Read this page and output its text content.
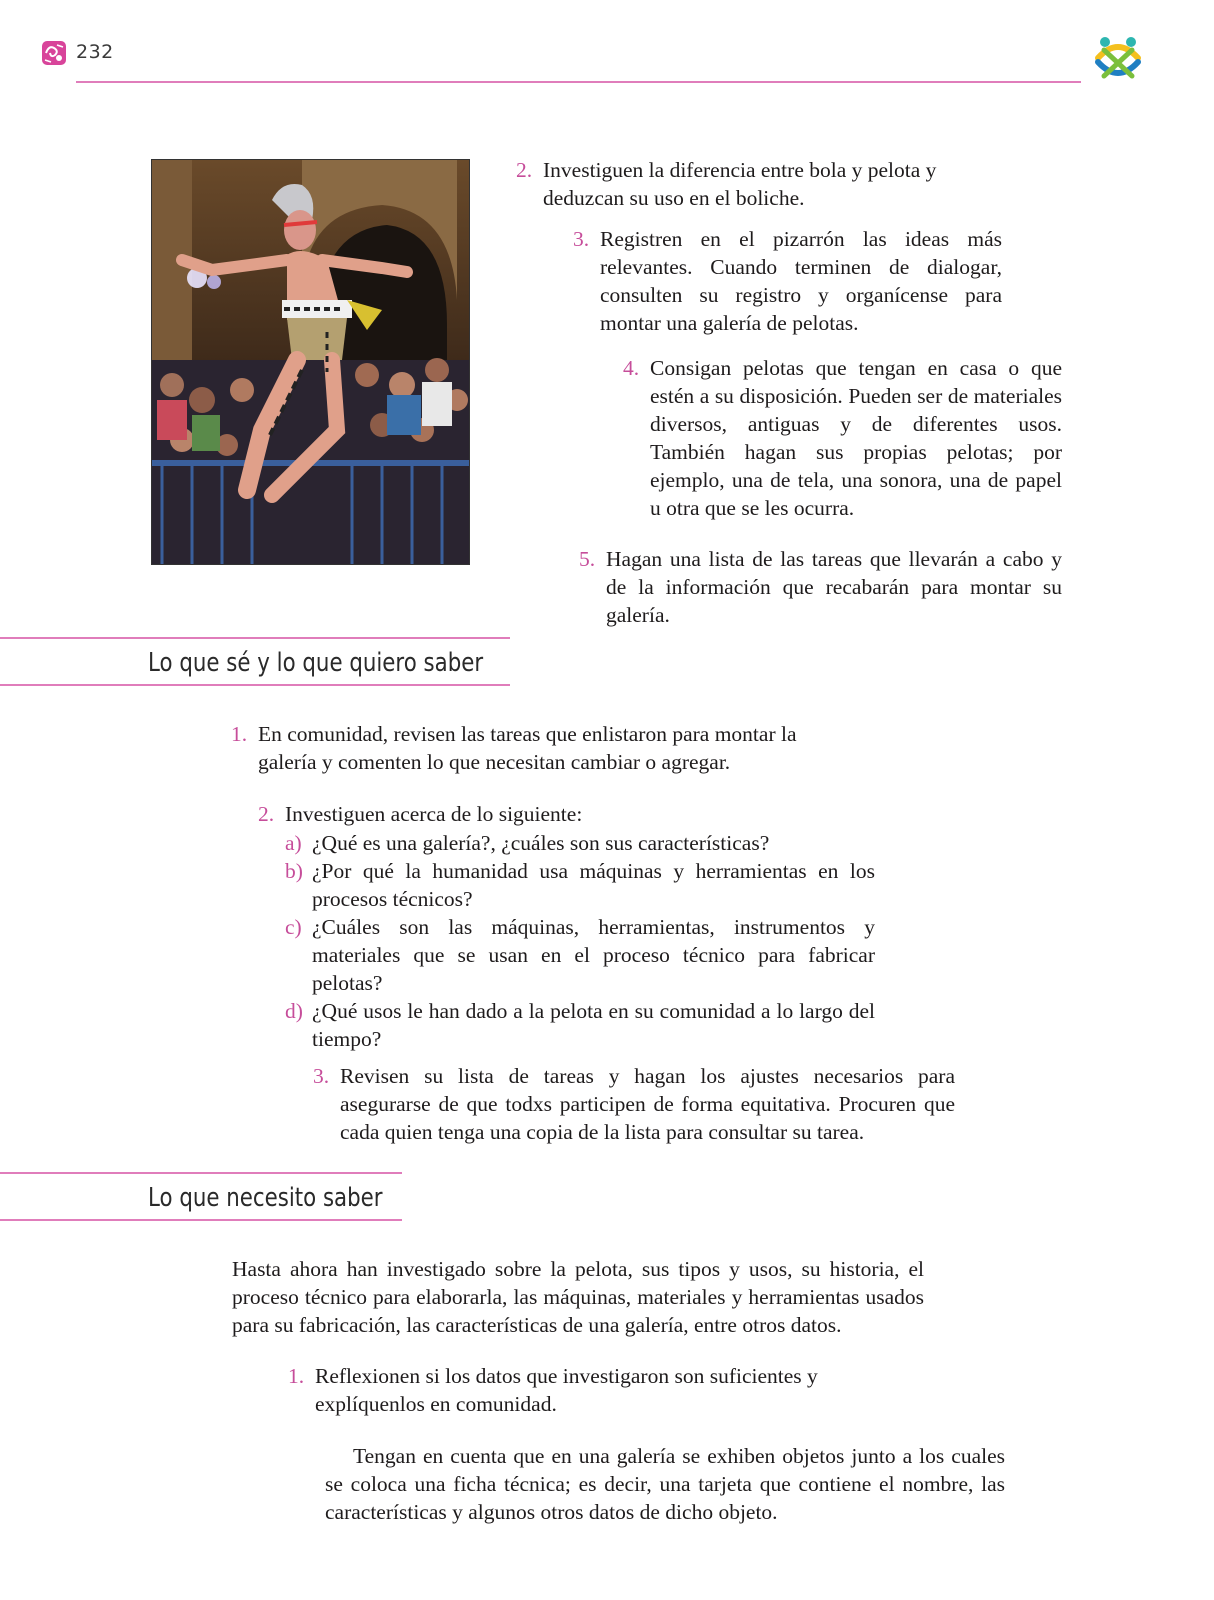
232
2. Investiguen la diferencia entre bola y pelota y deduzcan su uso en el boliche.
3. Registren en el pizarrón las ideas más relevantes. Cuando terminen de dialogar, consulten su registro y organícense para montar una galería de pelotas.
4. Consigan pelotas que tengan en casa o que estén a su disposición. Pueden ser de materiales diversos, antiguas y de diferentes usos. También hagan sus propias pelotas; por ejemplo, una de tela, una sonora, una de papel u otra que se les ocurra.
5. Hagan una lista de las tareas que llevarán a cabo y de la información que recabarán para montar su galería.
Lo que sé y lo que quiero saber
1. En comunidad, revisen las tareas que enlistaron para montar la galería y comenten lo que necesitan cambiar o agregar.
2. Investiguen acerca de lo siguiente:
a) ¿Qué es una galería?, ¿cuáles son sus características?
b) ¿Por qué la humanidad usa máquinas y herramientas en los procesos técnicos?
c) ¿Cuáles son las máquinas, herramientas, instrumentos y materiales que se usan en el proceso técnico para fabricar pelotas?
d) ¿Qué usos le han dado a la pelota en su comunidad a lo largo del tiempo?
3. Revisen su lista de tareas y hagan los ajustes necesarios para asegurarse de que todxs participen de forma equitativa. Procuren que cada quien tenga una copia de la lista para consultar su tarea.
Lo que necesito saber
Hasta ahora han investigado sobre la pelota, sus tipos y usos, su historia, el proceso técnico para elaborarla, las máquinas, materiales y herramientas usados para su fabricación, las características de una galería, entre otros datos.
1. Reflexionen si los datos que investigaron son suficientes y explíquenlos en comunidad.
Tengan en cuenta que en una galería se exhiben objetos junto a los cuales se coloca una ficha técnica; es decir, una tarjeta que contiene el nombre, las características y algunos otros datos de dicho objeto.
